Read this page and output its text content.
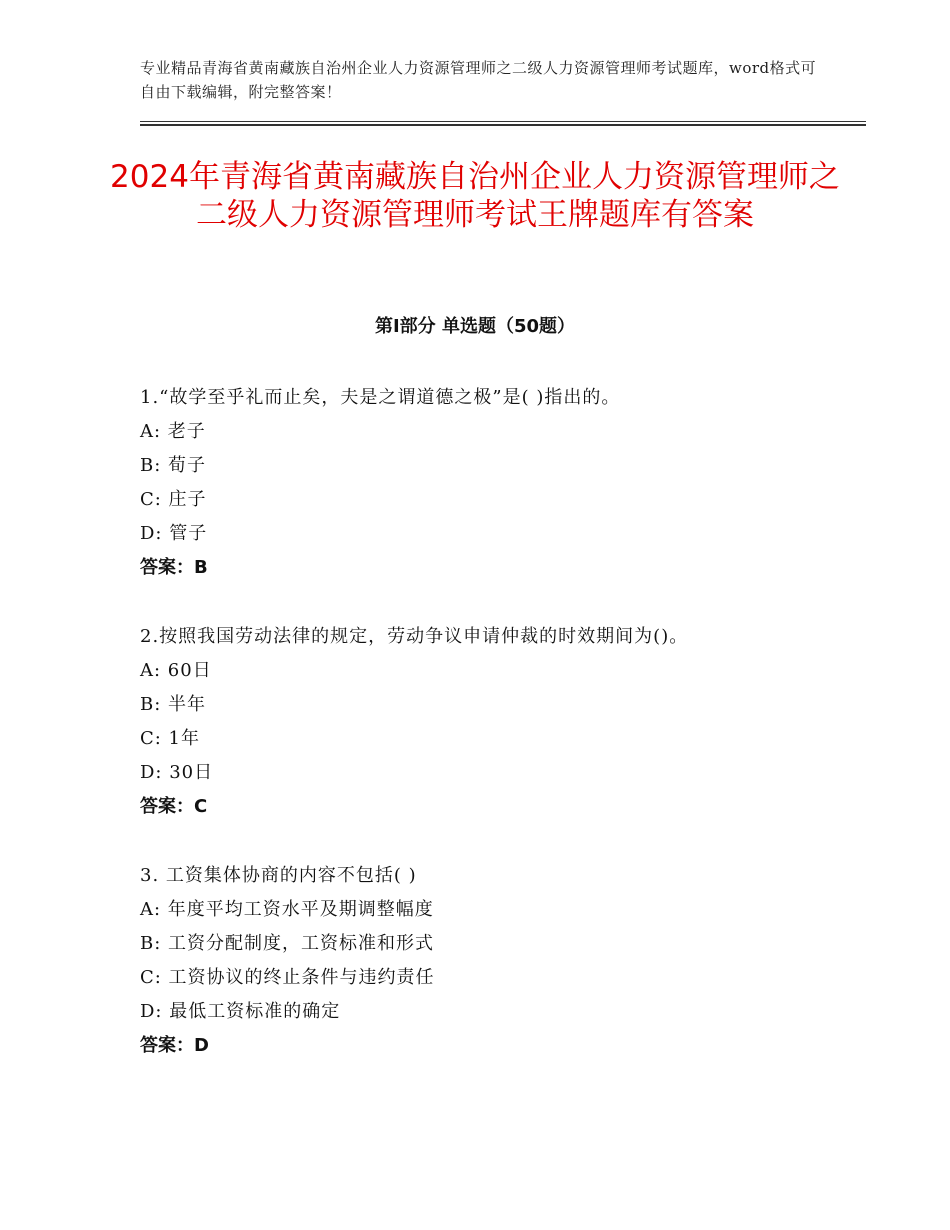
专业精品青海省黄南藏族自治州企业人力资源管理师之二级人力资源管理师考试题库，word格式可自由下载编辑，附完整答案！
2024年青海省黄南藏族自治州企业人力资源管理师之二级人力资源管理师考试王牌题库有答案
第Ⅰ部分 单选题（50题）
1.“故学至乎礼而止矣，夫是之谓道德之极”是( )指出的。
A: 老子
B: 荀子
C: 庄子
D: 管子
答案：B
2.按照我国劳动法律的规定，劳动争议申请仲裁的时效期间为()。
A: 60日
B: 半年
C: 1年
D: 30日
答案：C
3. 工资集体协商的内容不包括( )
A: 年度平均工资水平及期调整幅度
B: 工资分配制度，工资标准和形式
C: 工资协议的终止条件与违约责任
D: 最低工资标准的确定
答案：D
